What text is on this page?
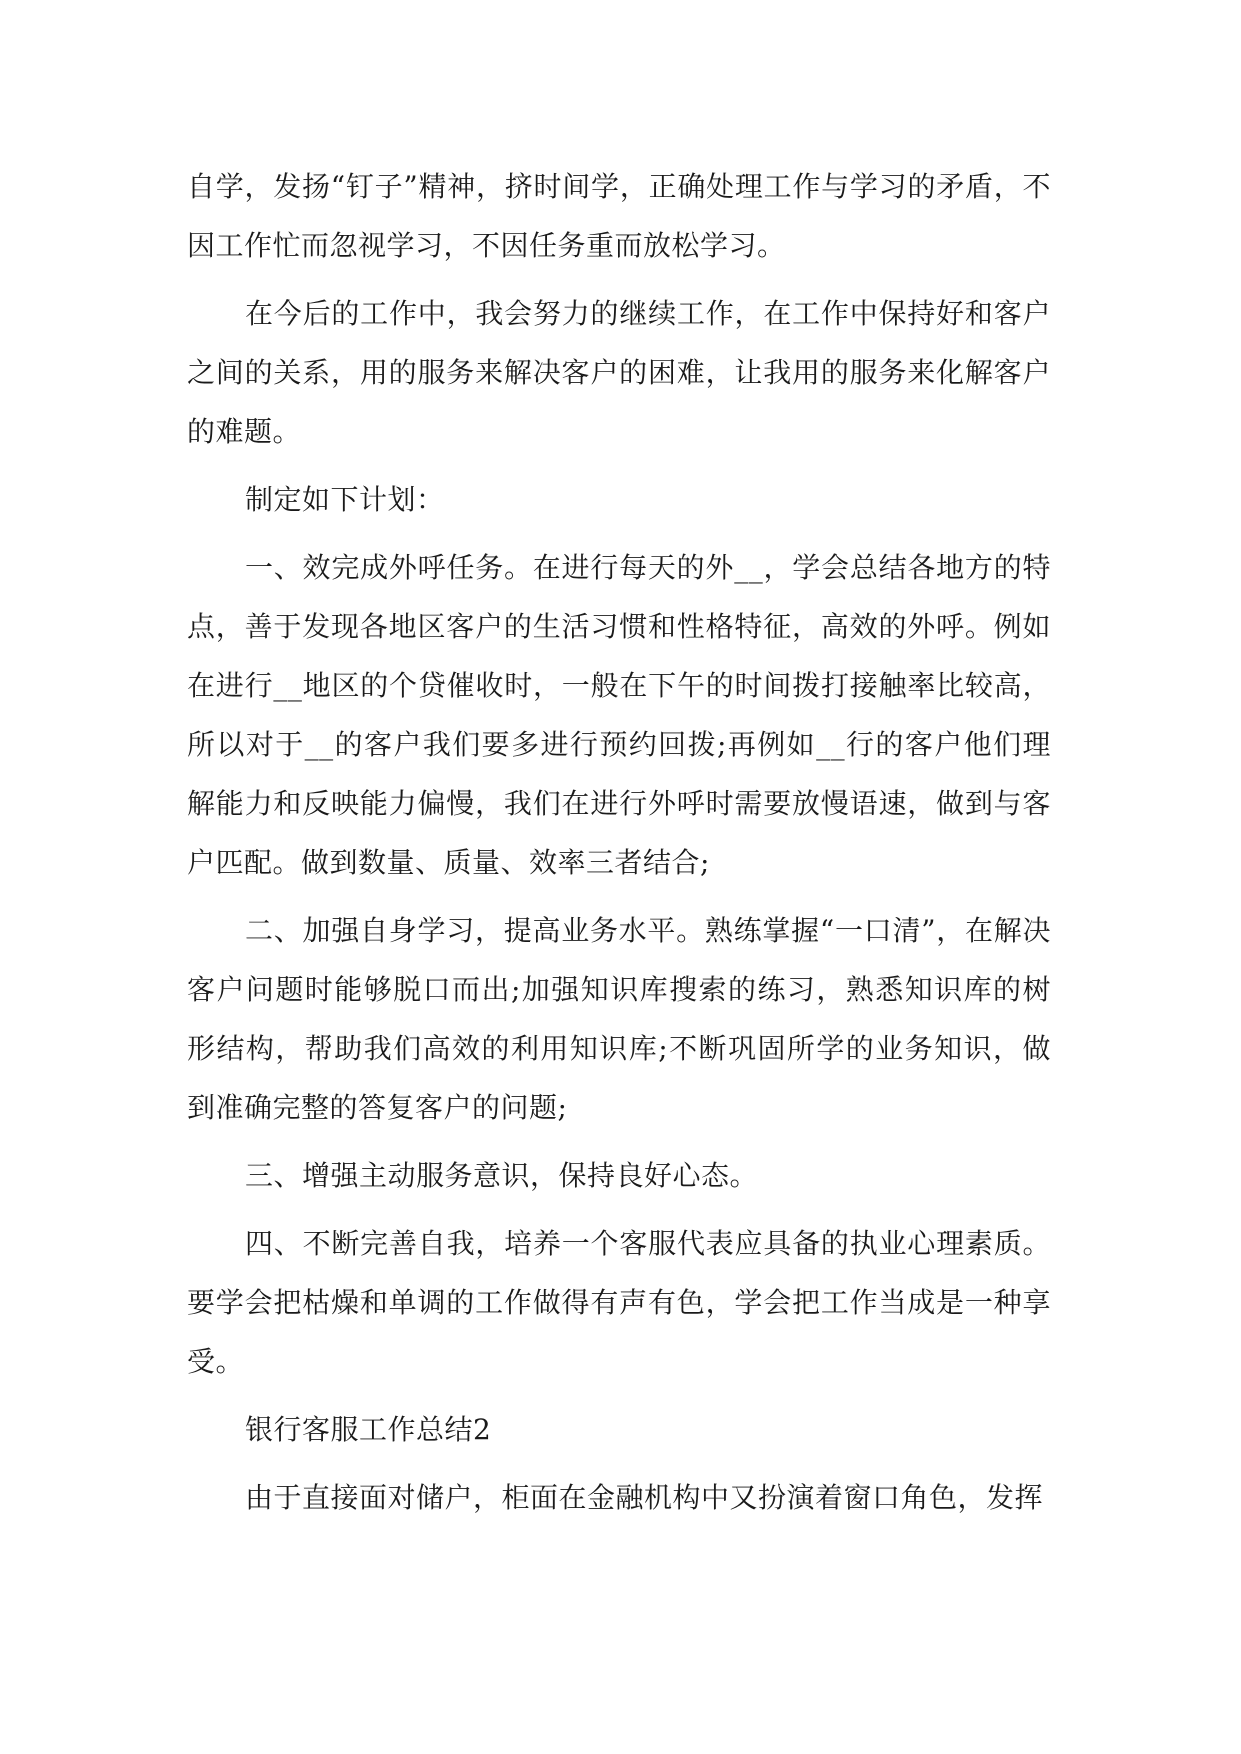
自学，发扬“钉子”精神，挤时间学，正确处理工作与学习的矛盾，不因工作忙而忽视学习，不因任务重而放松学习。

在今后的工作中，我会努力的继续工作，在工作中保持好和客户之间的关系，用的服务来解决客户的困难，让我用的服务来化解客户的难题。

制定如下计划：

一、效完成外呼任务。在进行每天的外__，学会总结各地方的特点，善于发现各地区客户的生活习惯和性格特征，高效的外呼。例如在进行__地区的个贷催收时，一般在下午的时间拨打接触率比较高，所以对于__的客户我们要多进行预约回拨;再例如__行的客户他们理解能力和反映能力偏慢，我们在进行外呼时需要放慢语速，做到与客户匹配。做到数量、质量、效率三者结合;

二、加强自身学习，提高业务水平。熟练掌握“一口清”，在解决客户问题时能够脱口而出;加强知识库搜索的练习，熟悉知识库的树形结构，帮助我们高效的利用知识库;不断巩固所学的业务知识，做到准确完整的答复客户的问题;

三、增强主动服务意识，保持良好心态。

四、不断完善自我，培养一个客服代表应具备的执业心理素质。要学会把枯燥和单调的工作做得有声有色，学会把工作当成是一种享受。

银行客服工作总结2

由于直接面对储户，柜面在金融机构中又扮演着窗口角色，发挥
